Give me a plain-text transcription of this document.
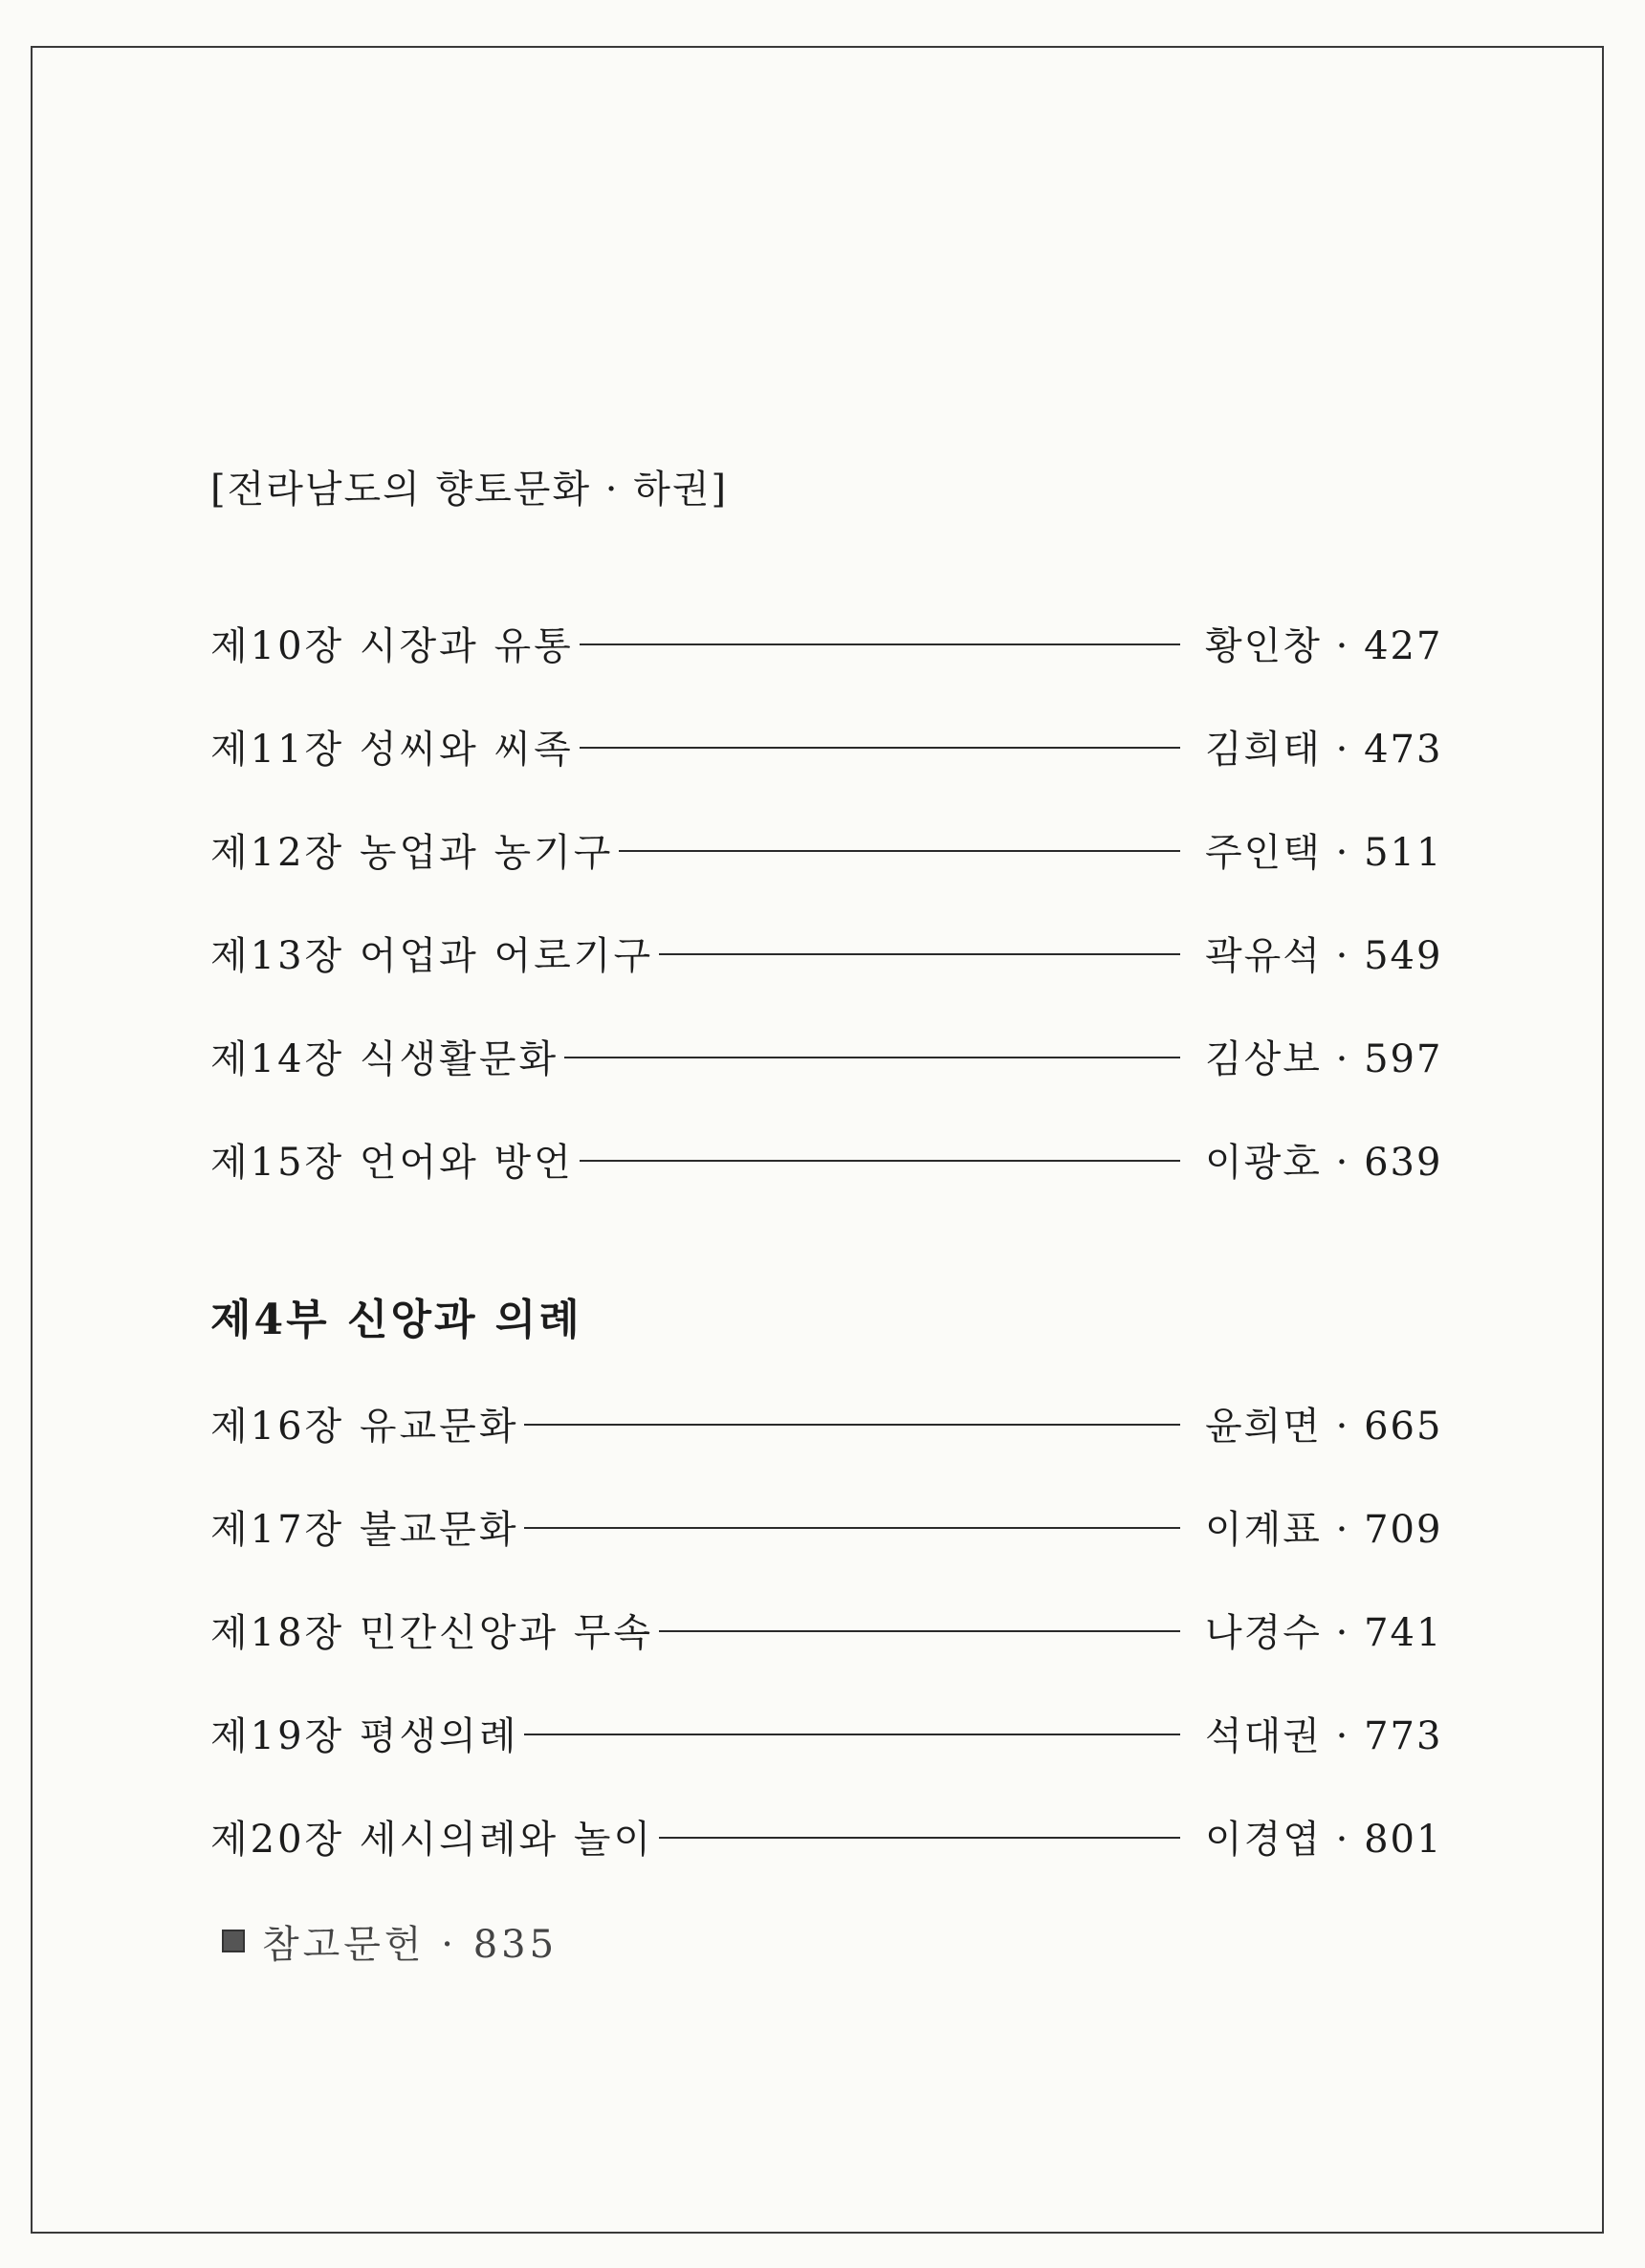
[전라남도의 향토문화 · 하권]
제10장 시장과 유통	황인창 · 427
제11장 성씨와 씨족	김희태 · 473
제12장 농업과 농기구	주인택 · 511
제13장 어업과 어로기구	곽유석 · 549
제14장 식생활문화	김상보 · 597
제15장 언어와 방언	이광호 · 639
제4부 신앙과 의례
제16장 유교문화	윤희면 · 665
제17장 불교문화	이계표 · 709
제18장 민간신앙과 무속	나경수 · 741
제19장 평생의례	석대권 · 773
제20장 세시의례와 놀이	이경엽 · 801
참고문헌 · 835
